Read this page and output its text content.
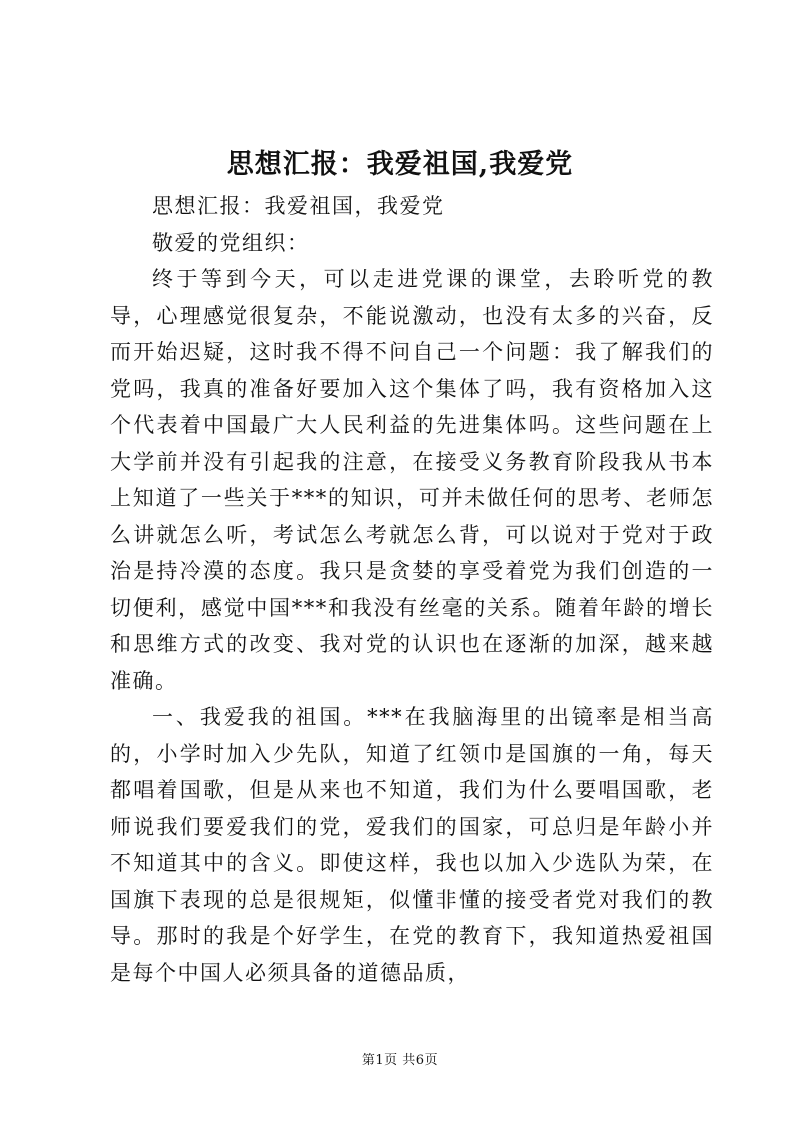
思想汇报：我爱祖国,我爱党

思想汇报：我爱祖国，我爱党

敬爱的党组织：

终于等到今天，可以走进党课的课堂，去聆听党的教导，心理感觉很复杂，不能说激动，也没有太多的兴奋，反而开始迟疑，这时我不得不问自己一个问题：我了解我们的党吗，我真的准备好要加入这个集体了吗，我有资格加入这个代表着中国最广大人民利益的先进集体吗。这些问题在上大学前并没有引起我的注意，在接受义务教育阶段我从书本上知道了一些关于***的知识，可并未做任何的思考、老师怎么讲就怎么听，考试怎么考就怎么背，可以说对于党对于政治是持冷漠的态度。我只是贪婪的享受着党为我们创造的一切便利，感觉中国***和我没有丝毫的关系。随着年龄的增长和思维方式的改变、我对党的认识也在逐渐的加深，越来越准确。

一、我爱我的祖国。***在我脑海里的出镜率是相当高的，小学时加入少先队，知道了红领巾是国旗的一角，每天都唱着国歌，但是从来也不知道，我们为什么要唱国歌，老师说我们要爱我们的党，爱我们的国家，可总归是年龄小并不知道其中的含义。即使这样，我也以加入少选队为荣，在国旗下表现的总是很规矩，似懂非懂的接受者党对我们的教导。那时的我是个好学生，在党的教育下，我知道热爱祖国是每个中国人必须具备的道德品质，

第1页 共6页
